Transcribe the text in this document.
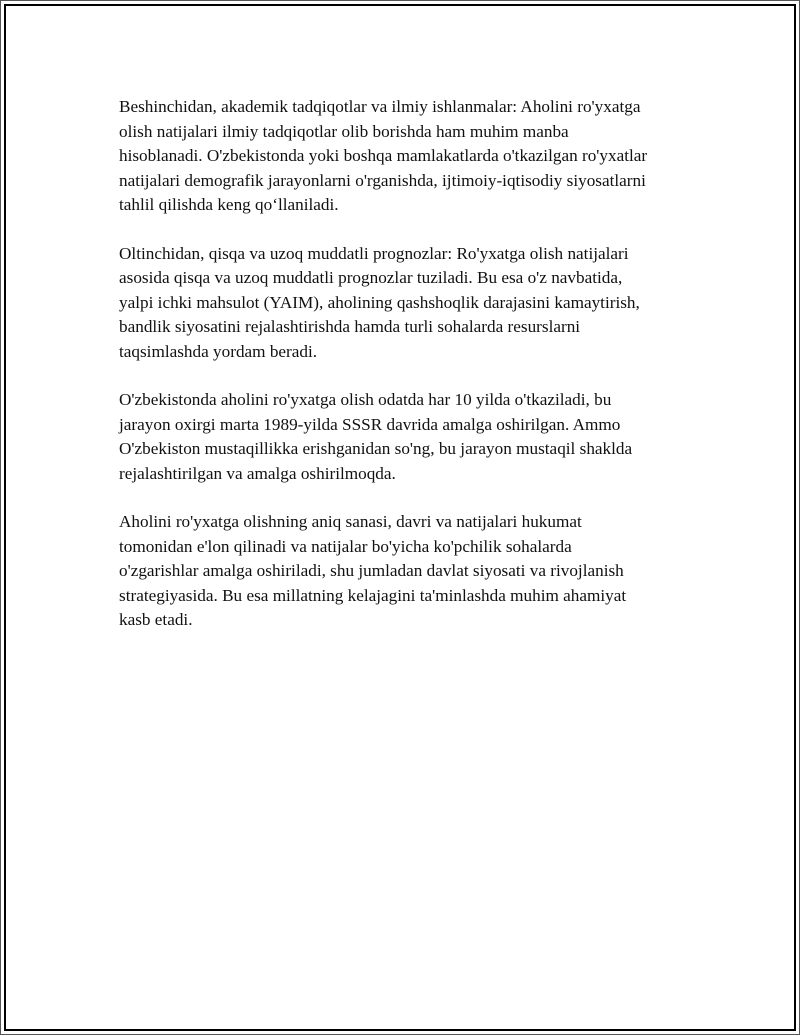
Beshinchidan, akademik tadqiqotlar va ilmiy ishlanmalar: Aholini ro'yxatga
olish natijalari ilmiy tadqiqotlar olib borishda ham muhim manba
hisoblanadi. O'zbekistonda yoki boshqa mamlakatlarda o'tkazilgan ro'yxatlar
natijalari demografik jarayonlarni o'rganishda, ijtimoiy-iqtisodiy siyosatlarni
tahlil qilishda keng qo‘llaniladi.

Oltinchidan, qisqa va uzoq muddatli prognozlar: Ro'yxatga olish natijalari
asosida qisqa va uzoq muddatli prognozlar tuziladi. Bu esa o'z navbatida,
yalpi ichki mahsulot (YAIM), aholining qashshoqlik darajasini kamaytirish,
bandlik siyosatini rejalashtirishda hamda turli sohalarda resurslarni
taqsimlashda yordam beradi.

O'zbekistonda aholini ro'yxatga olish odatda har 10 yilda o'tkaziladi, bu
jarayon oxirgi marta 1989-yilda SSSR davrida amalga oshirilgan. Ammo
O'zbekiston mustaqillikka erishganidan so'ng, bu jarayon mustaqil shaklda
rejalashtirilgan va amalga oshirilmoqda.

Aholini ro'yxatga olishning aniq sanasi, davri va natijalari hukumat
tomonidan e'lon qilinadi va natijalar bo'yicha ko'pchilik sohalarda
o'zgarishlar amalga oshiriladi, shu jumladan davlat siyosati va rivojlanish
strategiyasida. Bu esa millatning kelajagini ta'minlashda muhim ahamiyat
kasb etadi.
